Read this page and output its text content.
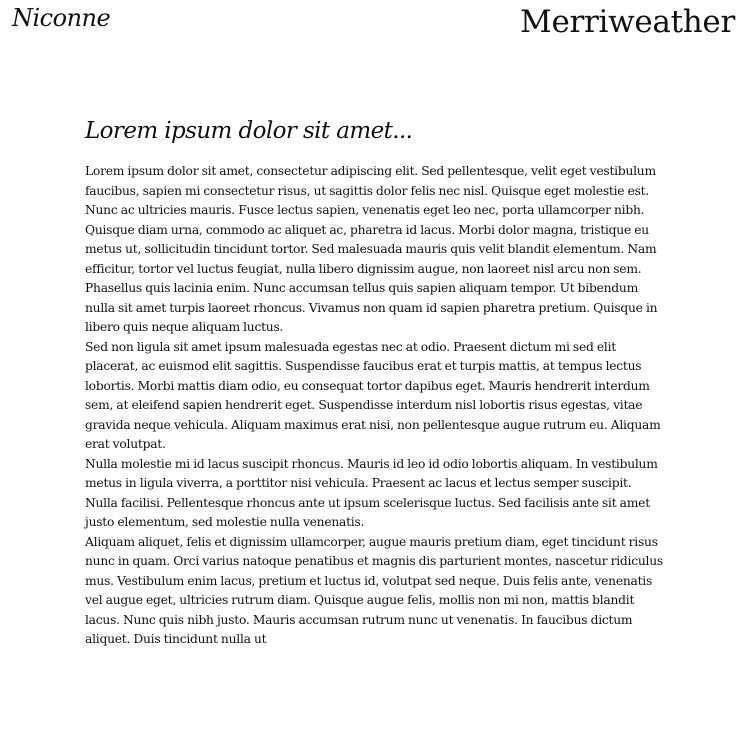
Niconne	Merriweather
Lorem ipsum dolor sit amet...

Lorem ipsum dolor sit amet, consectetur adipiscing elit. Sed pellentesque, velit eget vestibulum faucibus, sapien mi consectetur risus, ut sagittis dolor felis nec nisl. Quisque eget molestie est. Nunc ac ultricies mauris. Fusce lectus sapien, venenatis eget leo nec, porta ullamcorper nibh. Quisque diam urna, commodo ac aliquet ac, pharetra id lacus. Morbi dolor magna, tristique eu metus ut, sollicitudin tincidunt tortor. Sed malesuada mauris quis velit blandit elementum. Nam efficitur, tortor vel luctus feugiat, nulla libero dignissim augue, non laoreet nisl arcu non sem. Phasellus quis lacinia enim. Nunc accumsan tellus quis sapien aliquam tempor. Ut bibendum nulla sit amet turpis laoreet rhoncus. Vivamus non quam id sapien pharetra pretium. Quisque in libero quis neque aliquam luctus.

Sed non ligula sit amet ipsum malesuada egestas nec at odio. Praesent dictum mi sed elit placerat, ac euismod elit sagittis. Suspendisse faucibus erat et turpis mattis, at tempus lectus lobortis. Morbi mattis diam odio, eu consequat tortor dapibus eget. Mauris hendrerit interdum sem, at eleifend sapien hendrerit eget. Suspendisse interdum nisl lobortis risus egestas, vitae gravida neque vehicula. Aliquam maximus erat nisi, non pellentesque augue rutrum eu. Aliquam erat volutpat.

Nulla molestie mi id lacus suscipit rhoncus. Mauris id leo id odio lobortis aliquam. In vestibulum metus in ligula viverra, a porttitor nisi vehicula. Praesent ac lacus et lectus semper suscipit. Nulla facilisi. Pellentesque rhoncus ante ut ipsum scelerisque luctus. Sed facilisis ante sit amet justo elementum, sed molestie nulla venenatis.

Aliquam aliquet, felis et dignissim ullamcorper, augue mauris pretium diam, eget tincidunt risus nunc in quam. Orci varius natoque penatibus et magnis dis parturient montes, nascetur ridiculus mus. Vestibulum enim lacus, pretium et luctus id, volutpat sed neque. Duis felis ante, venenatis vel augue eget, ultricies rutrum diam. Quisque augue felis, mollis non mi non, mattis blandit lacus. Nunc quis nibh justo. Mauris accumsan rutrum nunc ut venenatis. In faucibus dictum aliquet. Duis tincidunt nulla ut
